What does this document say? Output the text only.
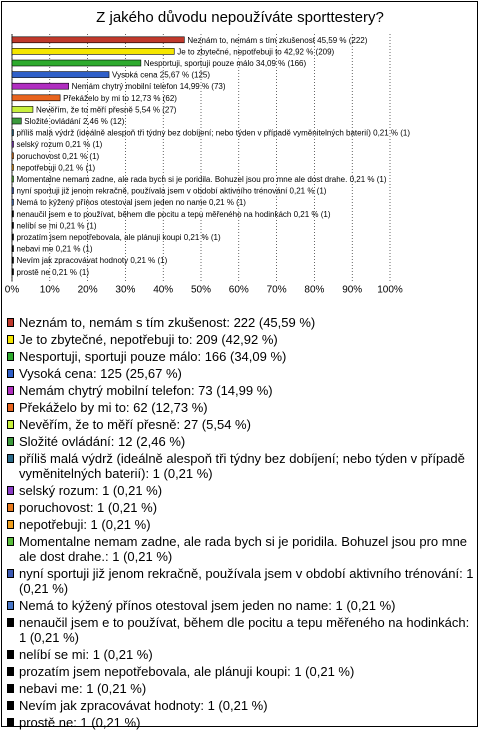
Z jakého důvodu nepoužíváte sporttestery?
Neznám to, nemám s tím zkušenost 45,59 % (222)
Je to zbytečné, nepotřebuji to 42,92 % (209)
Nesportuji, sportuji pouze málo 34,09 % (166)
Vysoká cena 25,67 % (125)
Nemám chytrý mobilní telefon 14,99 % (73)
Překáželo by mi to 12,73 % (62)
Nevěřím, že to měří přesně 5,54 % (27)
Složité ovládání 2,46 % (12)
příliš malá výdrž (ideálně alespoň tři týdny bez dobíjení; nebo týden v případě vyměnitelných baterií) 0,21 % (1)
selský rozum 0,21 % (1)
poruchovost 0,21 % (1)
nepotřebuji 0,21 % (1)
Momentalne nemam zadne, ale rada bych si je poridila. Bohuzel jsou pro mne ale dost drahe. 0,21 % (1)
nyní sportuji již jenom rekračně, používala jsem v období aktivního trénování 0,21 % (1)
Nemá to kýžený přínos otestoval jsem jeden no name 0,21 % (1)
nenaučil jsem e to používat, během dle pocitu a tepu měřeného na hodinkách 0,21 % (1)
nelíbí se mi 0,21 % (1)
prozatím jsem nepotřebovala, ale plánuji koupi 0,21 % (1)
nebavi me 0,21 % (1)
Nevím jak zpracovávat hodnoty 0,21 % (1)
prostě ne 0,21 % (1)
0% 10% 20% 30% 40% 50% 60% 70% 80% 90% 100%
Neznám to, nemám s tím zkušenost: 222 (45,59 %)
Je to zbytečné, nepotřebuji to: 209 (42,92 %)
Nesportuji, sportuji pouze málo: 166 (34,09 %)
Vysoká cena: 125 (25,67 %)
Nemám chytrý mobilní telefon: 73 (14,99 %)
Překáželo by mi to: 62 (12,73 %)
Nevěřím, že to měří přesně: 27 (5,54 %)
Složité ovládání: 12 (2,46 %)
příliš malá výdrž (ideálně alespoň tři týdny bez dobíjení; nebo týden v případě vyměnitelných baterií): 1 (0,21 %)
selský rozum: 1 (0,21 %)
poruchovost: 1 (0,21 %)
nepotřebuji: 1 (0,21 %)
Momentalne nemam zadne, ale rada bych si je poridila. Bohuzel jsou pro mne ale dost drahe.: 1 (0,21 %)
nyní sportuji již jenom rekračně, používala jsem v období aktivního trénování: 1 (0,21 %)
Nemá to kýžený přínos otestoval jsem jeden no name: 1 (0,21 %)
nenaučil jsem e to používat, během dle pocitu a tepu měřeného na hodinkách: 1 (0,21 %)
nelíbí se mi: 1 (0,21 %)
prozatím jsem nepotřebovala, ale plánuji koupi: 1 (0,21 %)
nebavi me: 1 (0,21 %)
Nevím jak zpracovávat hodnoty: 1 (0,21 %)
prostě ne: 1 (0,21 %)
